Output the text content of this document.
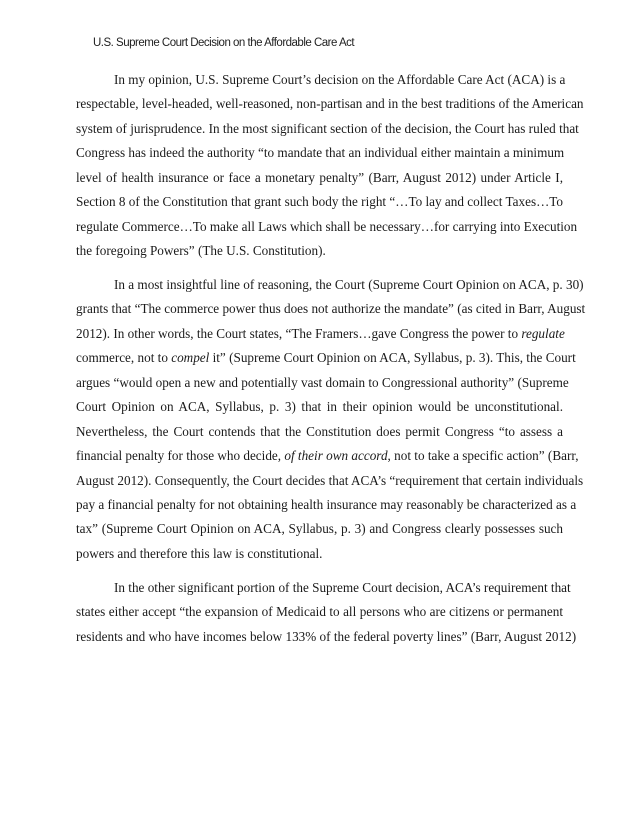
U.S. Supreme Court Decision on the Affordable Care Act
In my opinion, U.S. Supreme Court’s decision on the Affordable Care Act (ACA) is a
respectable, level-headed, well-reasoned, non-partisan and in the best traditions of the American
system of jurisprudence. In the most significant section of the decision, the Court has ruled that
Congress has indeed the authority “to mandate that an individual either maintain a minimum
level of health insurance or face a monetary penalty” (Barr, August 2012) under Article I,
Section 8 of the Constitution that grant such body the right “…To lay and collect Taxes…To
regulate Commerce…To make all Laws which shall be necessary…for carrying into Execution
the foregoing Powers” (The U.S. Constitution).
In a most insightful line of reasoning, the Court (Supreme Court Opinion on ACA, p. 30)
grants that “The commerce power thus does not authorize the mandate” (as cited in Barr, August
2012). In other words, the Court states, “The Framers…gave Congress the power to regulate
commerce, not to compel it” (Supreme Court Opinion on ACA, Syllabus, p. 3). This, the Court
argues “would open a new and potentially vast domain to Congressional authority” (Supreme
Court Opinion on ACA, Syllabus, p. 3) that in their opinion would be unconstitutional.
Nevertheless, the Court contends that the Constitution does permit Congress “to assess a
financial penalty for those who decide, of their own accord, not to take a specific action” (Barr,
August 2012). Consequently, the Court decides that ACA’s “requirement that certain individuals
pay a financial penalty for not obtaining health insurance may reasonably be characterized as a
tax” (Supreme Court Opinion on ACA, Syllabus, p. 3) and Congress clearly possesses such
powers and therefore this law is constitutional.
In the other significant portion of the Supreme Court decision, ACA’s requirement that
states either accept “the expansion of Medicaid to all persons who are citizens or permanent
residents and who have incomes below 133% of the federal poverty lines” (Barr, August 2012)
